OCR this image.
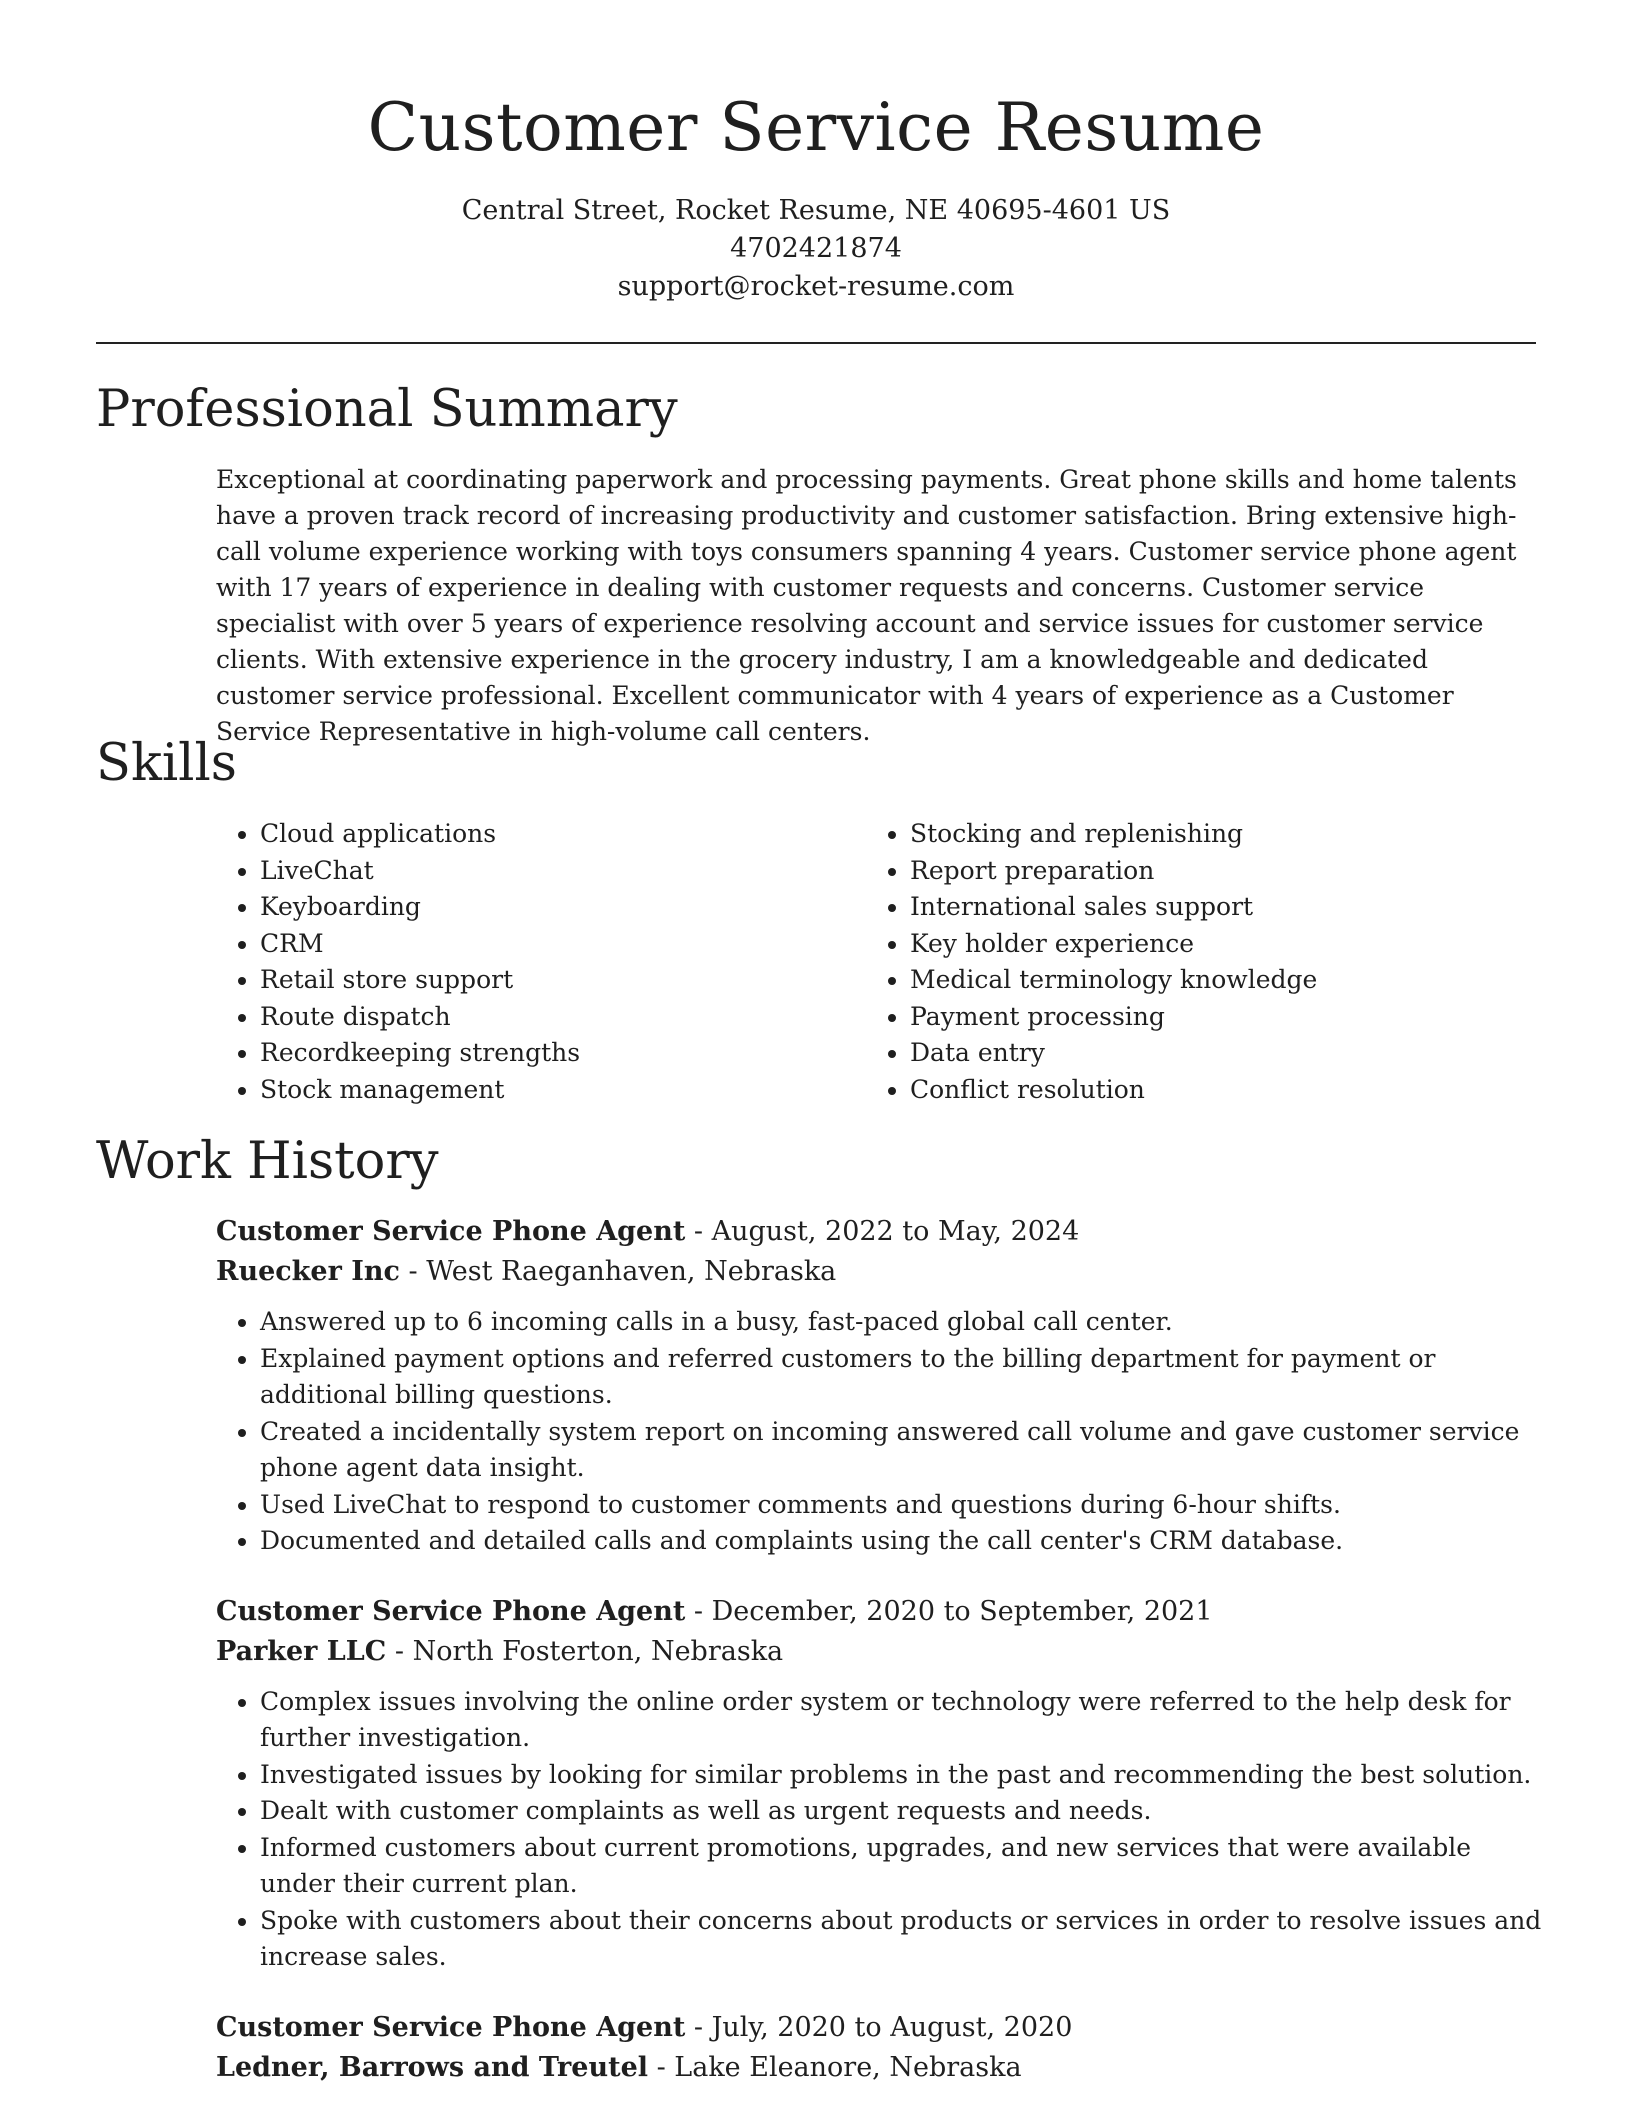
Customer Service Resume

Central Street, Rocket Resume, NE 40695-4601 US

4702421874

support@rocket-resume.com

Professional Summary

Exceptional at coordinating paperwork and processing payments. Great phone skills and home talents have a proven track record of increasing productivity and customer satisfaction. Bring extensive high-call volume experience working with toys consumers spanning 4 years. Customer service phone agent with 17 years of experience in dealing with customer requests and concerns. Customer service specialist with over 5 years of experience resolving account and service issues for customer service clients. With extensive experience in the grocery industry, I am a knowledgeable and dedicated customer service professional. Excellent communicator with 4 years of experience as a Customer Service Representative in high-volume call centers.

Skills
• Cloud applications
• LiveChat
• Keyboarding
• CRM
• Retail store support
• Route dispatch
• Recordkeeping strengths
• Stock management
• Stocking and replenishing
• Report preparation
• International sales support
• Key holder experience
• Medical terminology knowledge
• Payment processing
• Data entry
• Conflict resolution
Work History

Customer Service Phone Agent - August, 2022 to May, 2024

Ruecker Inc - West Raeganhaven, Nebraska

• Answered up to 6 incoming calls in a busy, fast-paced global call center.
• Explained payment options and referred customers to the billing department for payment or additional billing questions.
• Created a incidentally system report on incoming answered call volume and gave customer service phone agent data insight.
• Used LiveChat to respond to customer comments and questions during 6-hour shifts.
• Documented and detailed calls and complaints using the call center's CRM database.

Customer Service Phone Agent - December, 2020 to September, 2021

Parker LLC - North Fosterton, Nebraska

• Complex issues involving the online order system or technology were referred to the help desk for further investigation.
• Investigated issues by looking for similar problems in the past and recommending the best solution.
• Dealt with customer complaints as well as urgent requests and needs.
• Informed customers about current promotions, upgrades, and new services that were available under their current plan.
• Spoke with customers about their concerns about products or services in order to resolve issues and increase sales.

Customer Service Phone Agent - July, 2020 to August, 2020

Ledner, Barrows and Treutel - Lake Eleanore, Nebraska
